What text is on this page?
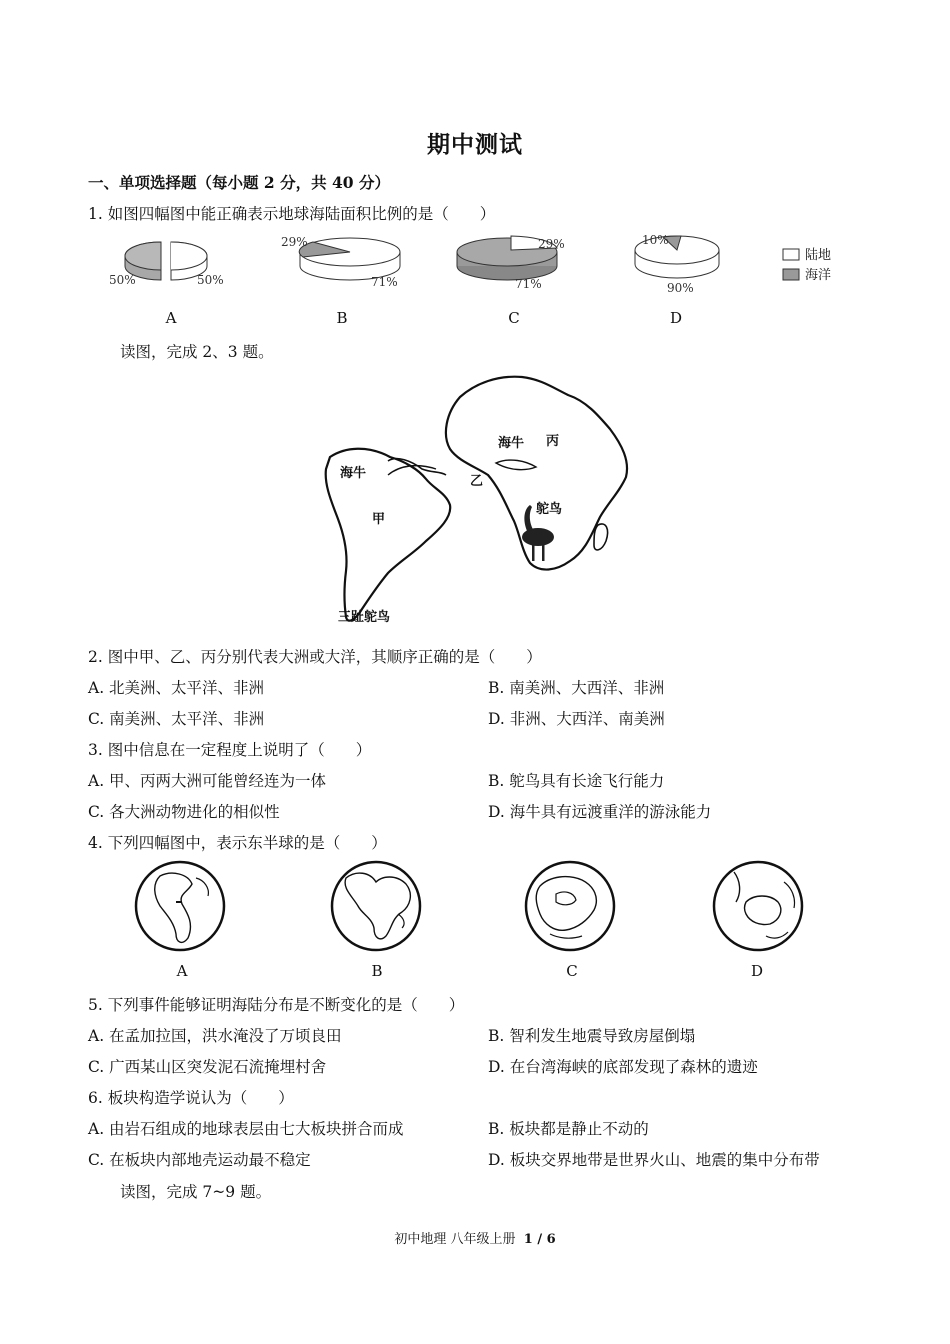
期中测试
一、单项选择题（每小题 2 分，共 40 分）
1. 如图四幅图中能正确表示地球海陆面积比例的是（　　）
50%	50%
29%
71%
29%
71%
10%
90%
陆地
海洋
A	B	C	D
读图，完成 2、3 题。
海牛
甲
海牛 丙
乙
鸵鸟
三趾鸵鸟
2. 图中甲、乙、丙分别代表大洲或大洋，其顺序正确的是（　　）
A. 北美洲、太平洋、非洲	B. 南美洲、大西洋、非洲
C. 南美洲、太平洋、非洲	D. 非洲、大西洋、南美洲
3. 图中信息在一定程度上说明了（　　）
A. 甲、丙两大洲可能曾经连为一体	B. 鸵鸟具有长途飞行能力
C. 各大洲动物进化的相似性	D. 海牛具有远渡重洋的游泳能力
4. 下列四幅图中，表示东半球的是（　　）
A	B	C	D
5. 下列事件能够证明海陆分布是不断变化的是（　　）
A. 在孟加拉国，洪水淹没了万顷良田	B. 智利发生地震导致房屋倒塌
C. 广西某山区突发泥石流掩埋村舍	D. 在台湾海峡的底部发现了森林的遗迹
6. 板块构造学说认为（　　）
A. 由岩石组成的地球表层由七大板块拼合而成	B. 板块都是静止不动的
C. 在板块内部地壳运动最不稳定	D. 板块交界地带是世界火山、地震的集中分布带
读图，完成 7~9 题。
初中地理 八年级上册 1 / 6
